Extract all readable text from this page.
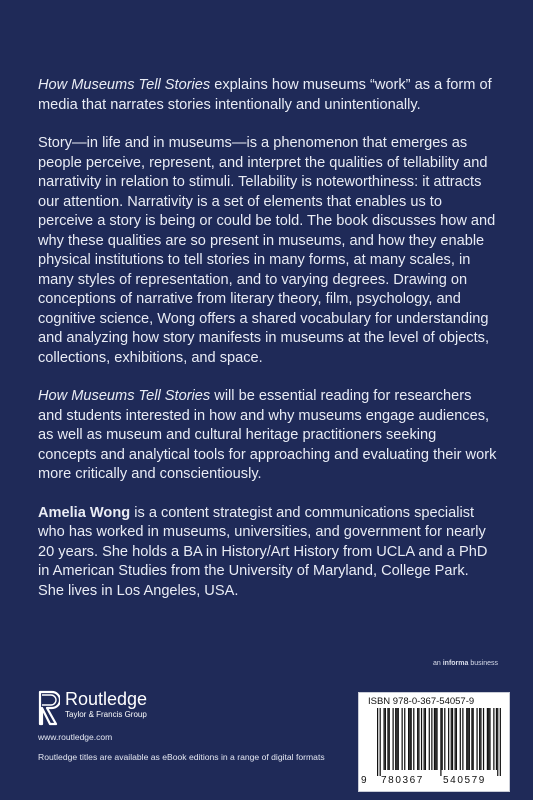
How Museums Tell Stories explains how museums “work” as a form of media that narrates stories intentionally and unintentionally.

Story—in life and in museums—is a phenomenon that emerges as people perceive, represent, and interpret the qualities of tellability and narrativity in relation to stimuli. Tellability is noteworthiness: it attracts our attention. Narrativity is a set of elements that enables us to perceive a story is being or could be told. The book discusses how and why these qualities are so present in museums, and how they enable physical institutions to tell stories in many forms, at many scales, in many styles of representation, and to varying degrees. Drawing on conceptions of narrative from literary theory, film, psychology, and cognitive science, Wong offers a shared vocabulary for understanding and analyzing how story manifests in museums at the level of objects, collections, exhibitions, and space.

How Museums Tell Stories will be essential reading for researchers and students interested in how and why museums engage audiences, as well as museum and cultural heritage practitioners seeking concepts and analytical tools for approaching and evaluating their work more critically and conscientiously.

Amelia Wong is a content strategist and communications specialist who has worked in museums, universities, and government for nearly 20 years. She holds a BA in History/Art History from UCLA and a PhD in American Studies from the University of Maryland, College Park. She lives in Los Angeles, USA.

an informa business
Routledge
Taylor & Francis Group
www.routledge.com
Routledge titles are available as eBook editions in a range of digital formats
ISBN 978-0-367-54057-9
9 780367 540579
